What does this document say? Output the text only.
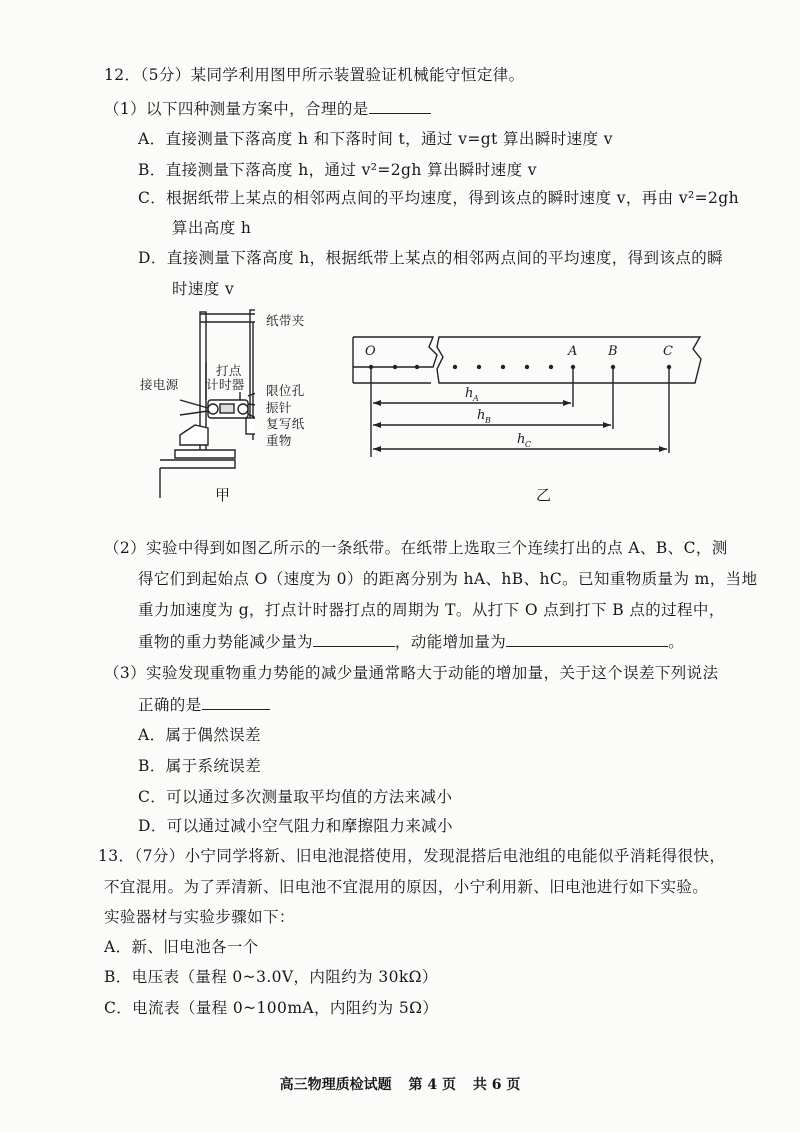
12．（5分）某同学利用图甲所示装置验证机械能守恒定律。
（1）以下四种测量方案中，合理的是
A．直接测量下落高度 h 和下落时间 t，通过 v=gt 算出瞬时速度 v
B．直接测量下落高度 h，通过 v²=2gh 算出瞬时速度 v
C．根据纸带上某点的相邻两点间的平均速度，得到该点的瞬时速度 v，再由 v²=2gh
算出高度 h
D．直接测量下落高度 h，根据纸带上某点的相邻两点间的平均速度，得到该点的瞬
时速度 v
纸带夹
打点
计时器
接电源	限位孔
振针
复写纸
重物
甲
O	A B	C
h A
h B
h C
乙
（2）实验中得到如图乙所示的一条纸带。在纸带上选取三个连续打出的点 A、B、C，测
得它们到起始点 O（速度为 0）的距离分别为 hA、hB、hC。已知重物质量为 m，当地
重力加速度为 g，打点计时器打点的周期为 T。从打下 O 点到打下 B 点的过程中，
重物的重力势能减少量为	，动能增加量为	。
（3）实验发现重物重力势能的减少量通常略大于动能的增加量，关于这个误差下列说法
正确的是
A．属于偶然误差
B．属于系统误差
C．可以通过多次测量取平均值的方法来减小
D．可以通过减小空气阻力和摩擦阻力来减小
13．（7分）小宁同学将新、旧电池混搭使用，发现混搭后电池组的电能似乎消耗得很快，
不宜混用。为了弄清新、旧电池不宜混用的原因，小宁利用新、旧电池进行如下实验。
实验器材与实验步骤如下：
A．新、旧电池各一个
B．电压表（量程 0~3.0V，内阻约为 30kΩ）
C．电流表（量程 0~100mA，内阻约为 5Ω）
高三物理质检试题 第 4 页 共 6 页
